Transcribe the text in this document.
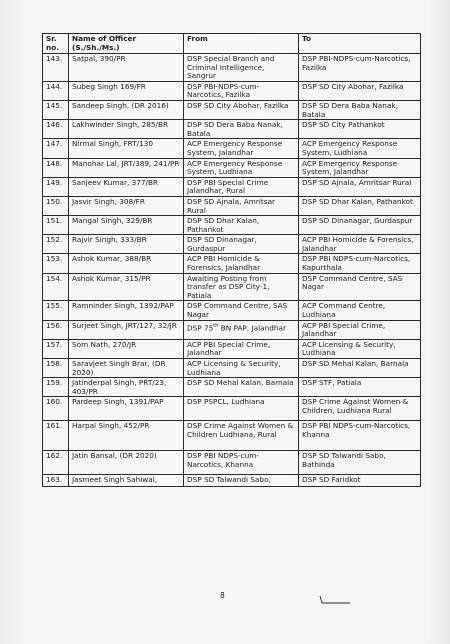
Sr. no.	Name of Officer (S./Sh./Ms.)	From	To
143.	Satpal, 390/PR	DSP Special Branch and Criminal Intelligence, Sangrur	DSP PBI-NDPS-cum-Narcotics, Fazilka
144.	Subeg Singh 169/FR	DSP PBI-NDPS-cum-Narcotics, Fazilka	DSP SD City Abohar, Fazilka
145.	Sandeep Singh, (DR 2016)	DSP SD City Abohar, Fazilka	DSP SD Dera Baba Nanak, Batala
146.	Lakhwinder Singh, 285/BR	DSP SD Dera Baba Nanak, Batala	DSP SD City Pathankot
147.	Nirmal Singh, FRT/130	ACP Emergency Response System, Jalandhar	ACP Emergency Response System, Ludhiana
148.	Manohar Lal, JRT/389, 241/PR	ACP Emergency Response System, Ludhiana	ACP Emergency Response System, Jalandhar
149.	Sanjeev Kumar, 377/BR	DSP PBI Special Crime Jalandhar, Rural	DSP SD Ajnala, Amritsar Rural
150.	Jasvir Singh, 308/FR	DSP SD Ajnala, Amritsar Rural	DSP SD Dhar Kalan, Pathankot
151.	Mangal Singh, 329/BR	DSP SD Dhar Kalan, Pathankot	DSP SD Dinanagar, Gurdaspur
152.	Rajvir Singh, 333/BR	DSP SD Dinanagar, Gurdaspur	ACP PBI Homicide & Forensics, Jalandhar
153.	Ashok Kumar, 388/BR	ACP PBI Homicide & Forensics, Jalandhar	DSP PBI NDPS-cum-Narcotics, Kapurthala
154.	Ashok Kumar, 315/PR	Awaiting Posting from transfer as DSP City-1, Patiala	DSP Command Centre, SAS Nagar
155.	Ramninder Singh, 1392/PAP	DSP Command Centre, SAS Nagar	ACP Command Centre, Ludhiana
156.	Surjeet Singh, JRT/127, 32/JR	DSP 75th BN PAP, Jalandhar	ACP PBI Special Crime, Jalandhar
157.	Som Nath, 270/JR	ACP PBI Special Crime, Jalandhar	ACP Licensing & Security, Ludhiana
158.	Saravjeet Singh Brar, (DR 2020)	ACP Licensing & Security, Ludhiana	DSP SD Mehal Kalan, Barnala
159.	Jatinderpal Singh, PRT/23, 403/PR	DSP SD Mehal Kalan, Barnala	DSP STF, Patiala
160.	Pardeep Singh, 1391/PAP	DSP PSPCL, Ludhiana	DSP Crime Against Women & Children, Ludhiana Rural
161.	Harpal Singh, 452/PR	DSP Crime Against Women & Children Ludhiana, Rural	DSP PBI NDPS-cum-Narcotics, Khanna
162.	Jatin Bansal, (DR 2020)	DSP PBI NDPS-cum-Narcotics, Khanna	DSP SD Talwandi Sabo, Bathinda
163.	Jasmeet Singh Sahiwal,	DSP SD Talwandi Sabo,	DSP SD Faridkot
8
